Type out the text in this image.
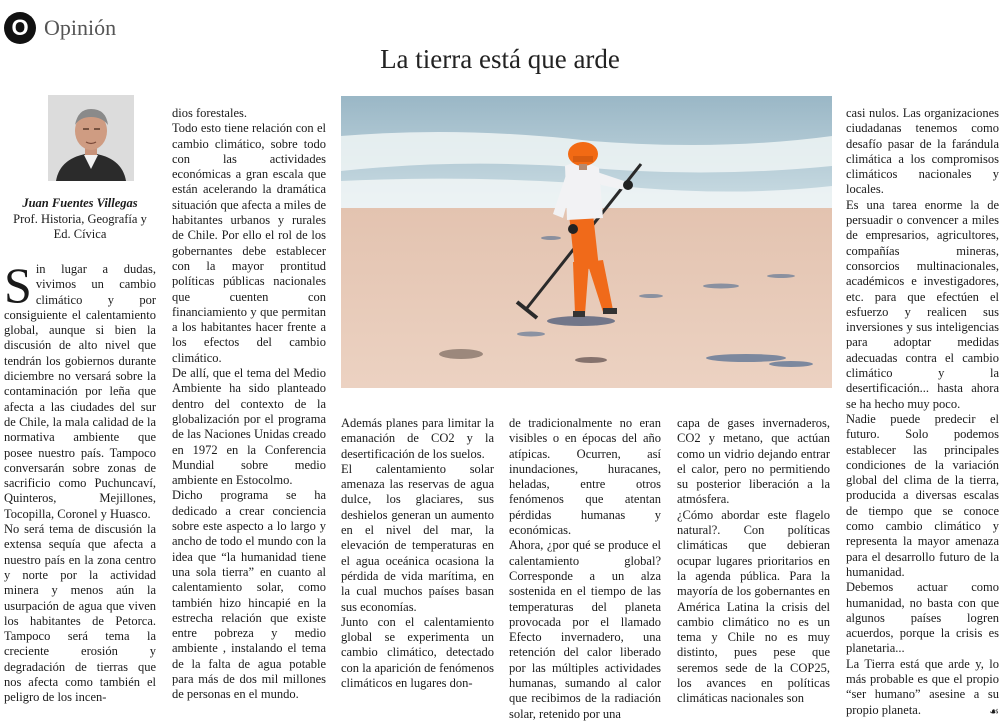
O Opinión
La tierra está que arde
Juan Fuentes Villegas
Prof. Historia, Geografía y
Ed. Cívica

Sin lugar a dudas, vivimos un cambio climático y por consiguiente el calentamiento global, aunque si bien la discusión de alto nivel que tendrán los gobiernos durante diciembre no versará sobre la contaminación por leña que afecta a las ciudades del sur de Chile, la mala calidad de la normativa ambiente que posee nuestro país. Tampoco conversarán sobre zonas de sacrificio como Puchuncaví, Quinteros, Mejillones, Tocopilla, Coronel y Huasco.

No será tema de discusión la extensa sequía que afecta a nuestro país en la zona centro y norte por la actividad minera y menos aún la usurpación de agua que viven los habitantes de Petorca. Tampoco será tema la creciente erosión y degradación de tierras que nos afecta como también el peligro de los incen-

dios forestales.

Todo esto tiene relación con el cambio climático, sobre todo con las actividades económicas a gran escala que están acelerando la dramática situación que afecta a miles de habitantes urbanos y rurales de Chile. Por ello el rol de los gobernantes debe establecer con la mayor prontitud políticas públicas nacionales que cuenten con financiamiento y que permitan a los habitantes hacer frente a los efectos del cambio climático.

De allí, que el tema del Medio Ambiente ha sido planteado dentro del contexto de la globalización por el programa de las Naciones Unidas creado en 1972 en la Conferencia Mundial sobre medio ambiente en Estocolmo.

Dicho programa se ha dedicado a crear conciencia sobre este aspecto a lo largo y ancho de todo el mundo con la idea que “la humanidad tiene una sola tierra” en cuanto al calentamiento solar, como también hizo hincapié en la estrecha relación que existe entre pobreza y medio ambiente , instalando el tema de la falta de agua potable para más de dos mil millones de personas en el mundo.

Además planes para limitar la emanación de CO2 y la desertificación de los suelos.

El calentamiento solar amenaza las reservas de agua dulce, los glaciares, sus deshielos generan un aumento en el nivel del mar, la elevación de temperaturas en el agua oceánica ocasiona la pérdida de vida marítima, en la cual muchos países basan sus economías.

Junto con el calentamiento global se experimenta un cambio climático, detectado con la aparición de fenómenos climáticos en lugares don-

de tradicionalmente no eran visibles o en épocas del año atípicas. Ocurren, así inundaciones, huracanes, heladas, entre otros fenómenos que atentan pérdidas humanas y económicas.

Ahora, ¿por qué se produce el calentamiento global? Corresponde a un alza sostenida en el tiempo de las temperaturas del planeta provocada por el llamado Efecto invernadero, una retención del calor liberado por las múltiples actividades humanas, sumando al calor que recibimos de la radiación solar, retenido por una

capa de gases invernaderos, CO2 y metano, que actúan como un vidrio dejando entrar el calor, pero no permitiendo su posterior liberación a la atmósfera.

¿Cómo abordar este flagelo natural?. Con políticas climáticas que debieran ocupar lugares prioritarios en la agenda pública. Para la mayoría de los gobernantes en América Latina la crisis del cambio climático no es un tema y Chile no es muy distinto, pues pese que seremos sede de la COP25, los avances en políticas climáticas nacionales son

casi nulos. Las organizaciones ciudadanas tenemos como desafío pasar de la farándula climática a los compromisos climáticos nacionales y locales.

Es una tarea enorme la de persuadir o convencer a miles de empresarios, agricultores, compañías mineras, consorcios multinacionales, académicos e investigadores, etc. para que efectúen el esfuerzo y realicen sus inversiones y sus inteligencias para adoptar medidas adecuadas contra el cambio climático y la desertificación... hasta ahora se ha hecho muy poco.

Nadie puede predecir el futuro. Solo podemos establecer las principales condiciones de la variación global del clima de la tierra, producida a diversas escalas de tiempo que se conoce como cambio climático y representa la mayor amenaza para el desarrollo futuro de la humanidad.

Debemos actuar como humanidad, no basta con que algunos países logren acuerdos, porque la crisis es planetaria...

La Tierra está que arde y, lo más probable es que el propio “ser humano” asesine a su propio planeta.	☙
